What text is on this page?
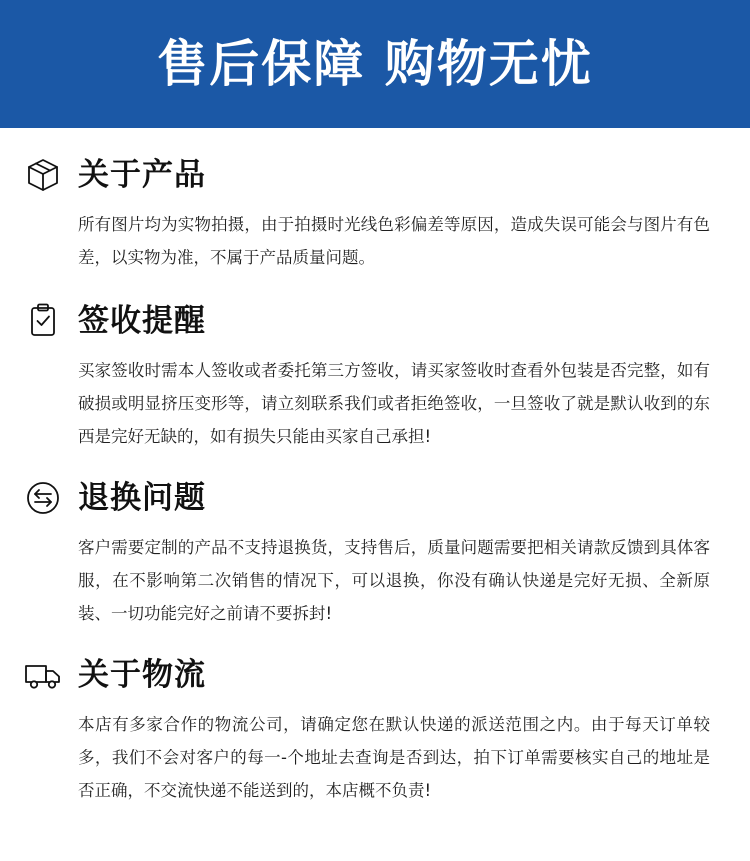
售后保障 购物无忧
关于产品
所有图片均为实物拍摄，由于拍摄时光线色彩偏差等原因，造成失误可能会与图片有色差，以实物为准，不属于产品质量问题。
签收提醒
买家签收时需本人签收或者委托第三方签收，请买家签收时查看外包装是否完整，如有破损或明显挤压变形等，请立刻联系我们或者拒绝签收，一旦签收了就是默认收到的东西是完好无缺的，如有损失只能由买家自己承担!
退换问题
客户需要定制的产品不支持退换货，支持售后，质量问题需要把相关请款反馈到具体客服，在不影响第二次销售的情况下，可以退换，你没有确认快递是完好无损、全新原装、一切功能完好之前请不要拆封!
关于物流
本店有多家合作的物流公司，请确定您在默认快递的派送范围之内。由于每天订单较多，我们不会对客户的每一-个地址去查询是否到达，拍下订单需要核实自己的地址是否正确，不交流快递不能送到的，本店概不负责!
